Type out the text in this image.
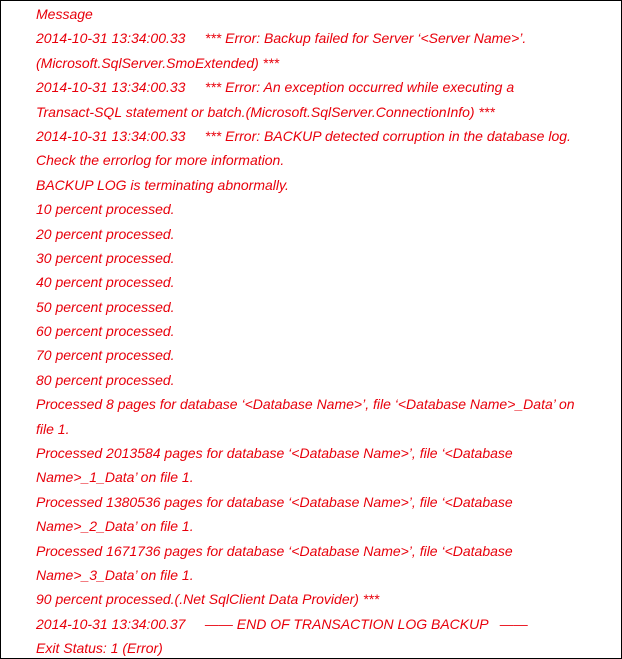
Message
2014-10-31 13:34:00.33     *** Error: Backup failed for Server ‘<Server Name>’.
(Microsoft.SqlServer.SmoExtended) ***
2014-10-31 13:34:00.33     *** Error: An exception occurred while executing a
Transact-SQL statement or batch.(Microsoft.SqlServer.ConnectionInfo) ***
2014-10-31 13:34:00.33     *** Error: BACKUP detected corruption in the database log.
Check the errorlog for more information.
BACKUP LOG is terminating abnormally.
10 percent processed.
20 percent processed.
30 percent processed.
40 percent processed.
50 percent processed.
60 percent processed.
70 percent processed.
80 percent processed.
Processed 8 pages for database ‘<Database Name>’, file ‘<Database Name>_Data’ on
file 1.
Processed 2013584 pages for database ‘<Database Name>’, file ‘<Database
Name>_1_Data’ on file 1.
Processed 1380536 pages for database ‘<Database Name>’, file ‘<Database
Name>_2_Data’ on file 1.
Processed 1671736 pages for database ‘<Database Name>’, file ‘<Database
Name>_3_Data’ on file 1.
90 percent processed.(.Net SqlClient Data Provider) ***
2014-10-31 13:34:00.37     —— END OF TRANSACTION LOG BACKUP   ——
Exit Status: 1 (Error)
